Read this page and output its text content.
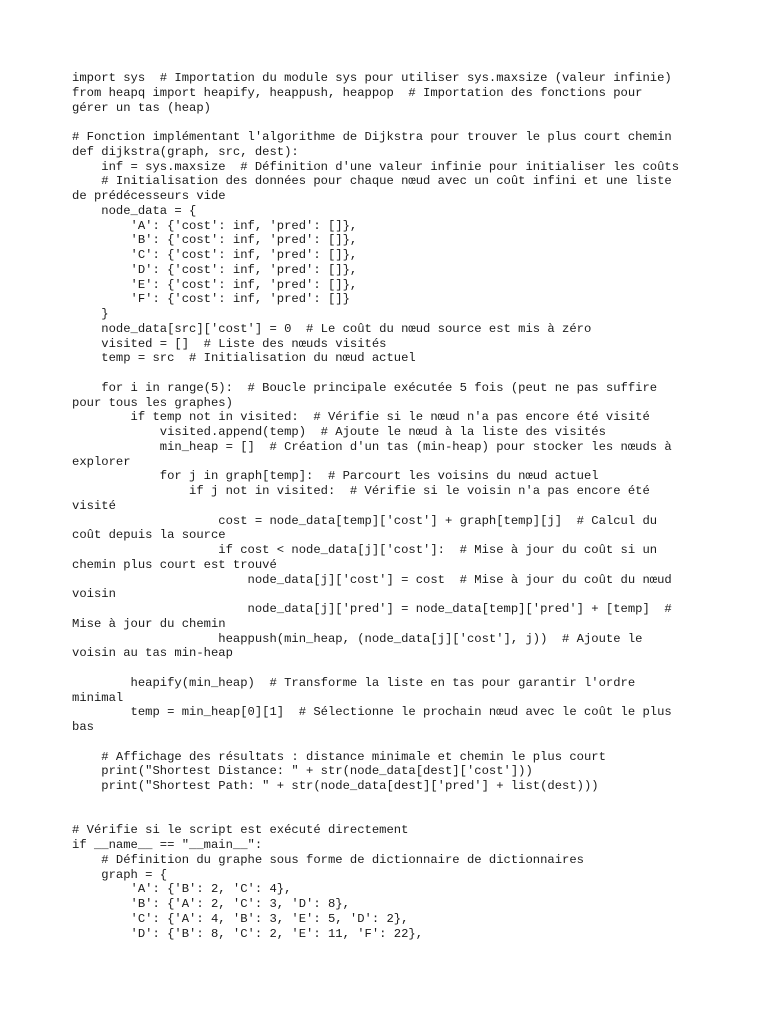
import sys  # Importation du module sys pour utiliser sys.maxsize (valeur infinie)
from heapq import heapify, heappush, heappop  # Importation des fonctions pour
gérer un tas (heap)
# Fonction implémentant l'algorithme de Dijkstra pour trouver le plus court chemin
def dijkstra(graph, src, dest):
inf = sys.maxsize  # Définition d'une valeur infinie pour initialiser les coûts
# Initialisation des données pour chaque nœud avec un coût infini et une liste
de prédécesseurs vide
node_data = {
'A': {'cost': inf, 'pred': []},
'B': {'cost': inf, 'pred': []},
'C': {'cost': inf, 'pred': []},
'D': {'cost': inf, 'pred': []},
'E': {'cost': inf, 'pred': []},
'F': {'cost': inf, 'pred': []}
}
node_data[src]['cost'] = 0  # Le coût du nœud source est mis à zéro
visited = []  # Liste des nœuds visités
temp = src  # Initialisation du nœud actuel
for i in range(5):  # Boucle principale exécutée 5 fois (peut ne pas suffire
pour tous les graphes)
if temp not in visited:  # Vérifie si le nœud n'a pas encore été visité
visited.append(temp)  # Ajoute le nœud à la liste des visités
min_heap = []  # Création d'un tas (min-heap) pour stocker les nœuds à
explorer
for j in graph[temp]:  # Parcourt les voisins du nœud actuel
if j not in visited:  # Vérifie si le voisin n'a pas encore été
visité
cost = node_data[temp]['cost'] + graph[temp][j]  # Calcul du
coût depuis la source
if cost < node_data[j]['cost']:  # Mise à jour du coût si un
chemin plus court est trouvé
node_data[j]['cost'] = cost  # Mise à jour du coût du nœud
voisin
node_data[j]['pred'] = node_data[temp]['pred'] + [temp]  #
Mise à jour du chemin
heappush(min_heap, (node_data[j]['cost'], j))  # Ajoute le
voisin au tas min-heap
heapify(min_heap)  # Transforme la liste en tas pour garantir l'ordre
minimal
temp = min_heap[0][1]  # Sélectionne le prochain nœud avec le coût le plus
bas
# Affichage des résultats : distance minimale et chemin le plus court
print("Shortest Distance: " + str(node_data[dest]['cost']))
print("Shortest Path: " + str(node_data[dest]['pred'] + list(dest)))
# Vérifie si le script est exécuté directement
if __name__ == "__main__":
# Définition du graphe sous forme de dictionnaire de dictionnaires
graph = {
'A': {'B': 2, 'C': 4},
'B': {'A': 2, 'C': 3, 'D': 8},
'C': {'A': 4, 'B': 3, 'E': 5, 'D': 2},
'D': {'B': 8, 'C': 2, 'E': 11, 'F': 22},
